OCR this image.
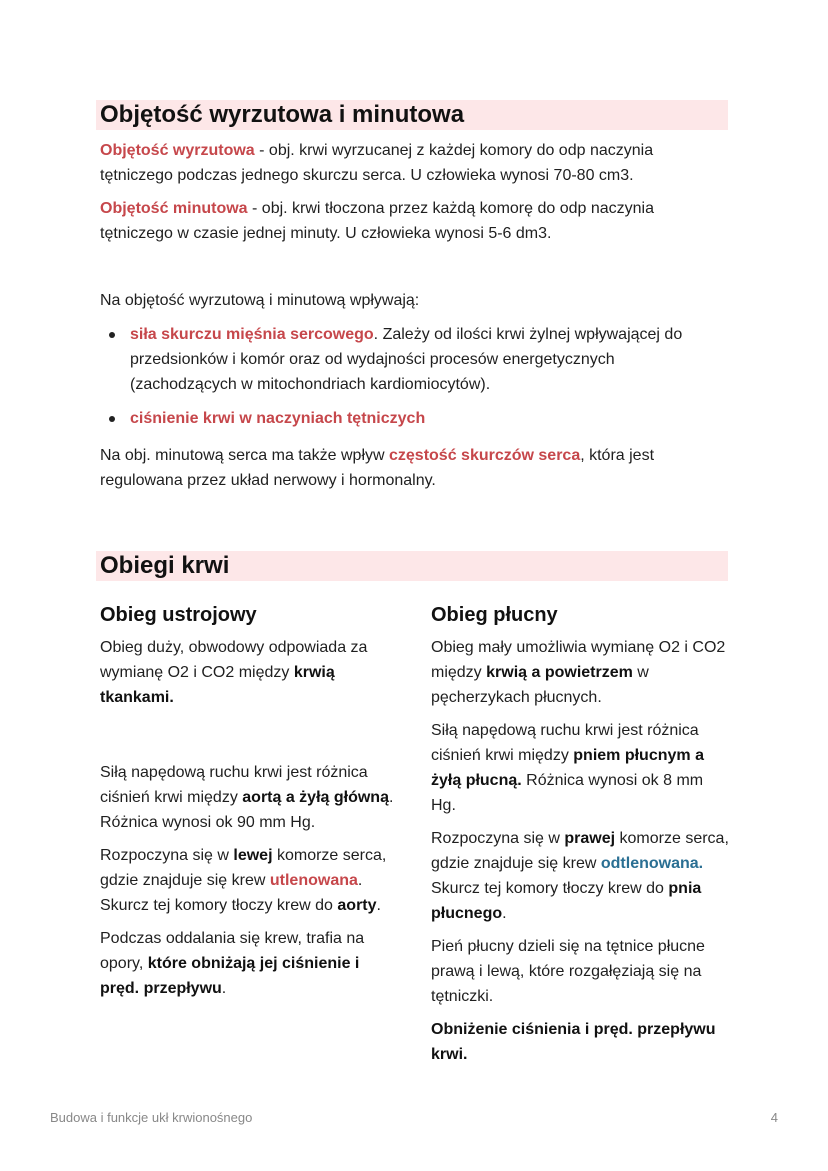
Objętość wyrzutowa i minutowa

Objętość wyrzutowa - obj. krwi wyrzucanej z każdej komory do odp naczynia tętniczego podczas jednego skurczu serca. U człowieka wynosi 70-80 cm3.

Objętość minutowa - obj. krwi tłoczona przez każdą komorę do odp naczynia tętniczego w czasie jednej minuty. U człowieka wynosi 5-6 dm3.

Na objętość wyrzutową i minutową wpływają:

siła skurczu mięśnia sercowego. Zależy od ilości krwi żylnej wpływającej do przedsionków i komór oraz od wydajności procesów energetycznych (zachodzących w mitochondriach kardiomiocytów).
ciśnienie krwi w naczyniach tętniczych

Na obj. minutową serca ma także wpływ częstość skurczów serca, która jest regulowana przez układ nerwowy i hormonalny.

Obiegi krwi
Obieg ustrojowy

Obieg duży, obwodowy odpowiada za wymianę O2 i CO2 między krwią tkankami.

Siłą napędową ruchu krwi jest różnica ciśnień krwi między aortą a żyłą główną. Różnica wynosi ok 90 mm Hg.

Rozpoczyna się w lewej komorze serca, gdzie znajduje się krew utlenowana. Skurcz tej komory tłoczy krew do aorty.

Podczas oddalania się krew, trafia na opory, które obniżają jej ciśnienie i pręd. przepływu.

Obieg płucny

Obieg mały umożliwia wymianę O2 i CO2 między krwią a powietrzem w pęcherzykach płucnych.

Siłą napędową ruchu krwi jest różnica ciśnień krwi między pniem płucnym a żyłą płucną. Różnica wynosi ok 8 mm Hg.

Rozpoczyna się w prawej komorze serca, gdzie znajduje się krew odtlenowana. Skurcz tej komory tłoczy krew do pnia płucnego.

Pień płucny dzieli się na tętnice płucne prawą i lewą, które rozgałęziają się na tętniczki.

Obniżenie ciśnienia i pręd. przepływu krwi.

Budowa i funkcje ukł krwionośnego	4
